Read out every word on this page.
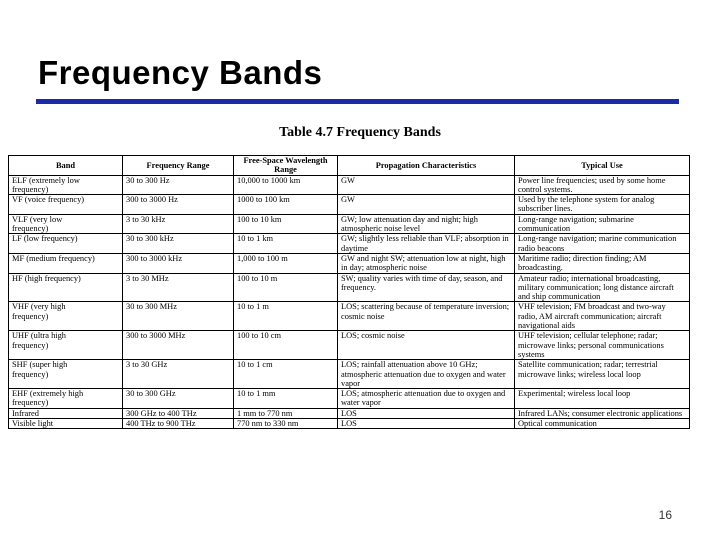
Frequency Bands
Table 4.7 Frequency Bands
Band	Frequency Range	Free-Space Wavelength Range	Propagation Characteristics	Typical Use
ELF (extremely low
frequency)	30 to 300 Hz	10,000 to 1000 km	GW	Power line frequencies; used by some home control systems.
VF (voice frequency)	300 to 3000 Hz	1000 to 100 km	GW	Used by the telephone system for analog subscriber lines.
VLF (very low
frequency)	3 to 30 kHz	100 to 10 km	GW; low attenuation day and night; high atmospheric noise level	Long-range navigation; submarine communication
LF (low frequency)	30 to 300 kHz	10 to 1 km	GW; slightly less reliable than VLF; absorption in daytime	Long-range navigation; marine communication radio beacons
MF (medium frequency)	300 to 3000 kHz	1,000 to 100 m	GW and night SW; attenuation low at night, high in day; atmospheric noise	Maritime radio; direction finding; AM broadcasting.
HF (high frequency)	3 to 30 MHz	100 to 10 m	SW; quality varies with time of day, season, and frequency.	Amateur radio; international broadcasting, military communication; long distance aircraft and ship communication
VHF (very high
frequency)	30 to 300 MHz	10 to 1 m	LOS; scattering because of temperature inversion; cosmic noise	VHF television; FM broadcast and two-way radio, AM aircraft communication; aircraft navigational aids
UHF (ultra high
frequency)	300 to 3000 MHz	100 to 10 cm	LOS; cosmic noise	UHF television; cellular telephone; radar; microwave links; personal communications systems
SHF (super high
frequency)	3 to 30 GHz	10 to 1 cm	LOS; rainfall attenuation above 10 GHz; atmospheric attenuation due to oxygen and water vapor	Satellite communication; radar; terrestrial microwave links; wireless local loop
EHF (extremely high
frequency)	30 to 300 GHz	10 to 1 mm	LOS; atmospheric attenuation due to oxygen and water vapor	Experimental; wireless local loop
Infrared	300 GHz to 400 THz	1 mm to 770 nm	LOS	Infrared LANs; consumer electronic applications
Visible light	400 THz to 900 THz	770 nm to 330 nm	LOS	Optical communication
16
